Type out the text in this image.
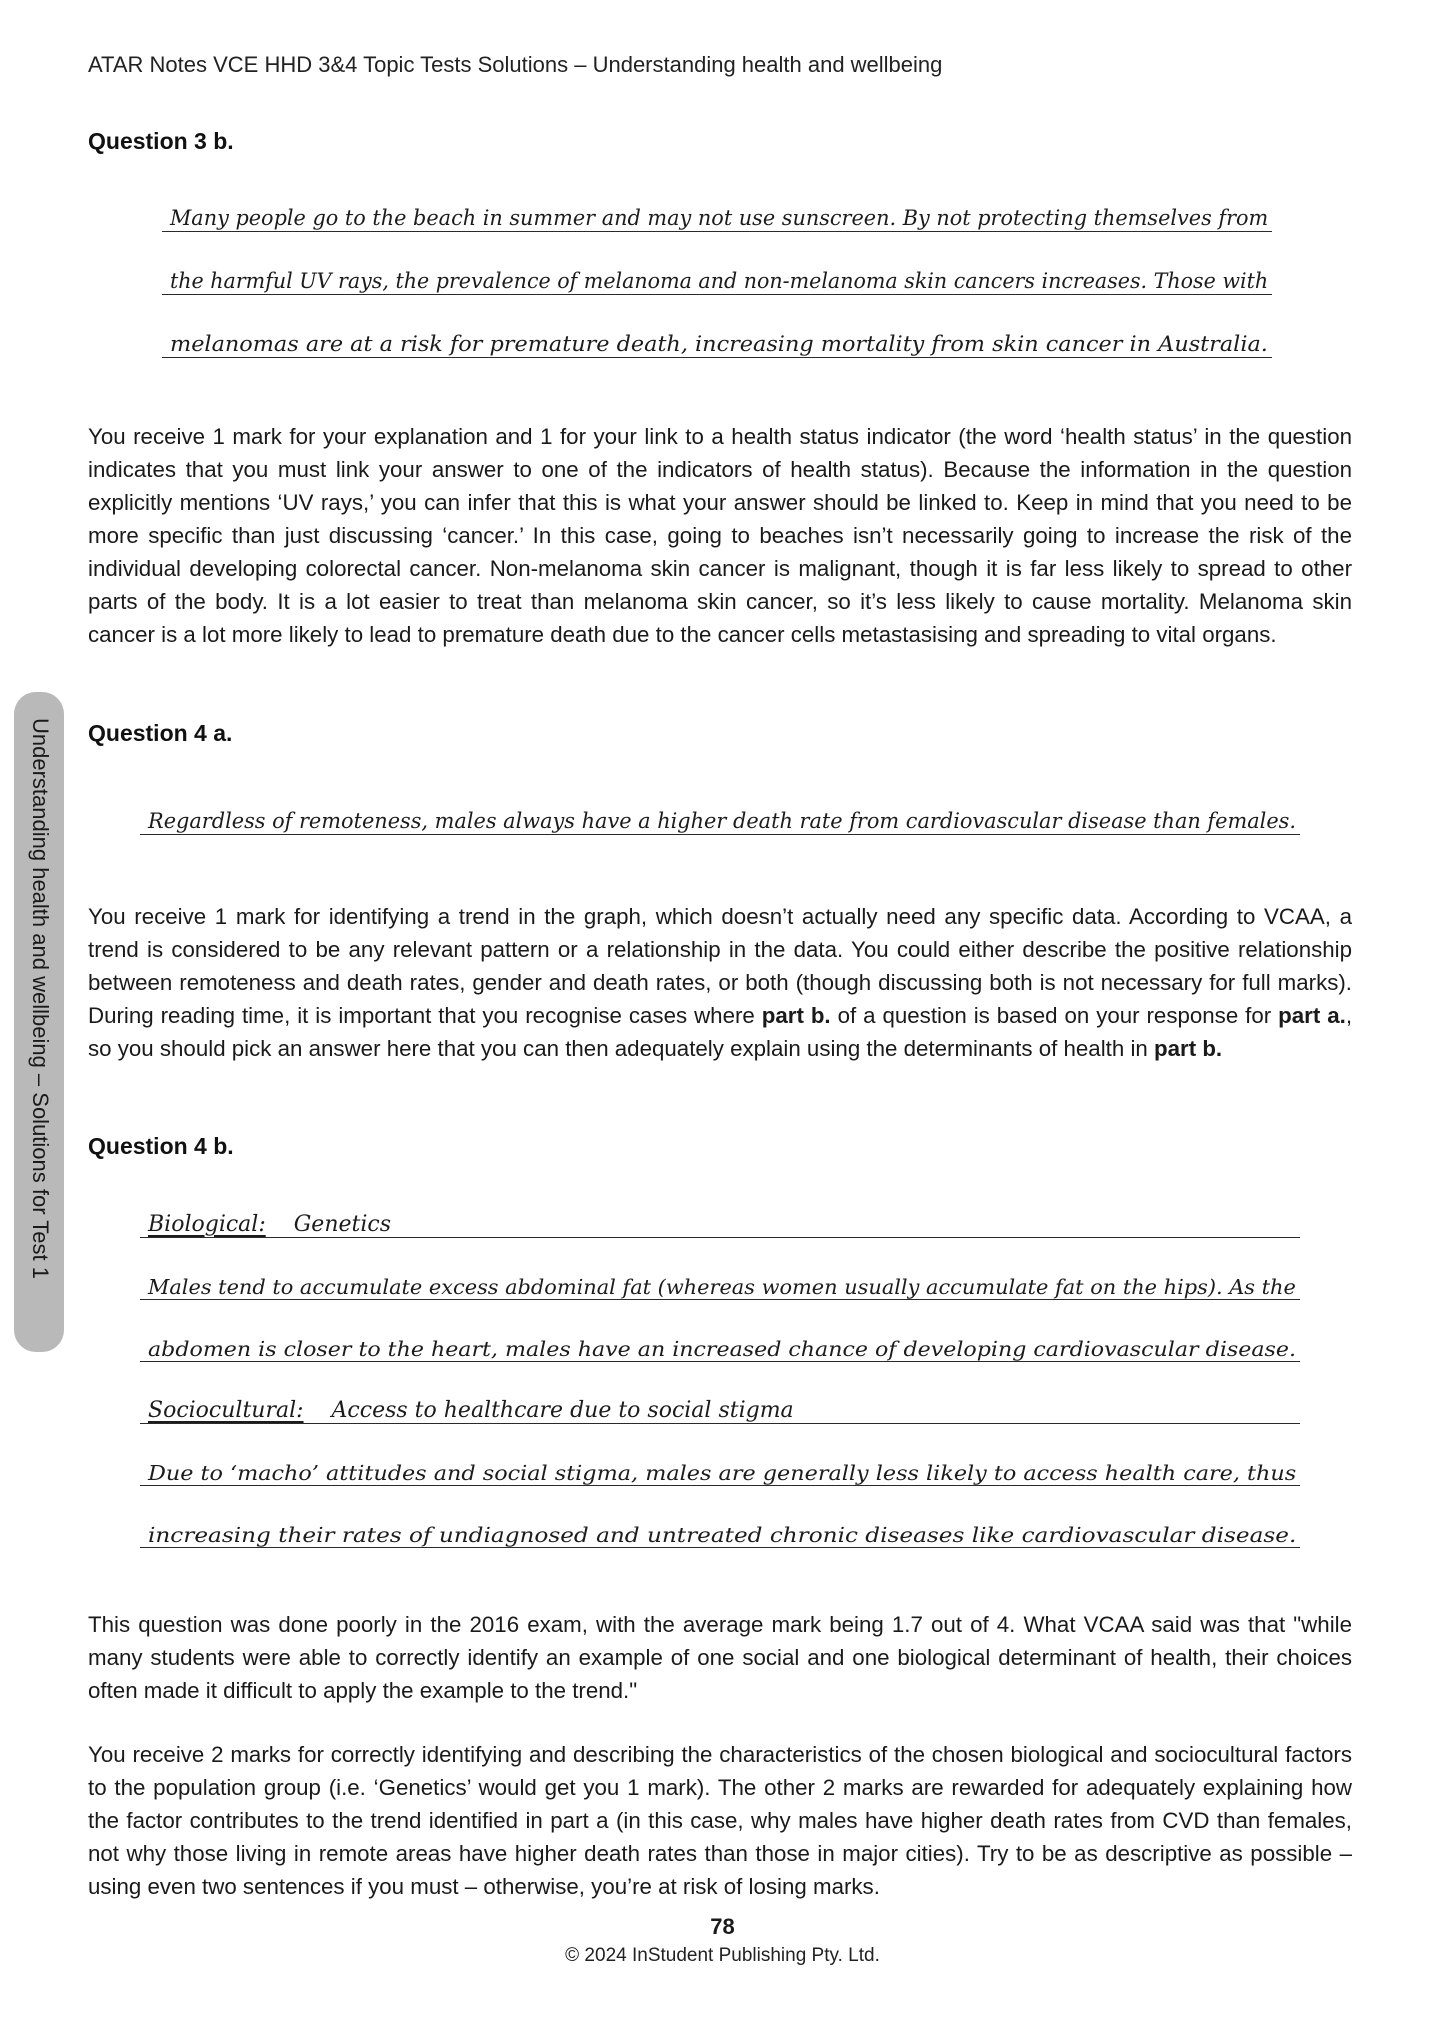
ATAR Notes VCE HHD 3&4 Topic Tests Solutions – Understanding health and wellbeing
Understanding health and wellbeing – Solutions for Test 1
Question 3 b.
Many people go to the beach in summer and may not use sunscreen. By not protecting themselves from
the harmful UV rays, the prevalence of melanoma and non-melanoma skin cancers increases. Those with
melanomas are at a risk for premature death, increasing mortality from skin cancer in Australia.

You receive 1 mark for your explanation and 1 for your link to a health status indicator (the word ‘health status’ in the question indicates that you must link your answer to one of the indicators of health status). Because the information in the question explicitly mentions ‘UV rays,’ you can infer that this is what your answer should be linked to. Keep in mind that you need to be more specific than just discussing ‘cancer.’ In this case, going to beaches isn’t necessarily going to increase the risk of the individual developing colorectal cancer. Non-melanoma skin cancer is malignant, though it is far less likely to spread to other parts of the body. It is a lot easier to treat than melanoma skin cancer, so it’s less likely to cause mortality. Melanoma skin cancer is a lot more likely to lead to premature death due to the cancer cells metastasising and spreading to vital organs.

Question 4 a.
Regardless of remoteness, males always have a higher death rate from cardiovascular disease than females.

You receive 1 mark for identifying a trend in the graph, which doesn’t actually need any specific data. According to VCAA, a trend is considered to be any relevant pattern or a relationship in the data. You could either describe the positive relationship between remoteness and death rates, gender and death rates, or both (though discussing both is not necessary for full marks). During reading time, it is important that you recognise cases where part b. of a question is based on your response for part a., so you should pick an answer here that you can then adequately explain using the determinants of health in part b.

Question 4 b.
Biological: Genetics
Males tend to accumulate excess abdominal fat (whereas women usually accumulate fat on the hips). As the
abdomen is closer to the heart, males have an increased chance of developing cardiovascular disease.
Sociocultural: Access to healthcare due to social stigma
Due to ‘macho’ attitudes and social stigma, males are generally less likely to access health care, thus
increasing their rates of undiagnosed and untreated chronic diseases like cardiovascular disease.

This question was done poorly in the 2016 exam, with the average mark being 1.7 out of 4. What VCAA said was that "while many students were able to correctly identify an example of one social and one biological determinant of health, their choices often made it difficult to apply the example to the trend."

You receive 2 marks for correctly identifying and describing the characteristics of the chosen biological and sociocultural factors to the population group (i.e. ‘Genetics’ would get you 1 mark). The other 2 marks are rewarded for adequately explaining how the factor contributes to the trend identified in part a (in this case, why males have higher death rates from CVD than females, not why those living in remote areas have higher death rates than those in major cities). Try to be as descriptive as possible – using even two sentences if you must – otherwise, you’re at risk of losing marks.

78
© 2024 InStudent Publishing Pty. Ltd.
